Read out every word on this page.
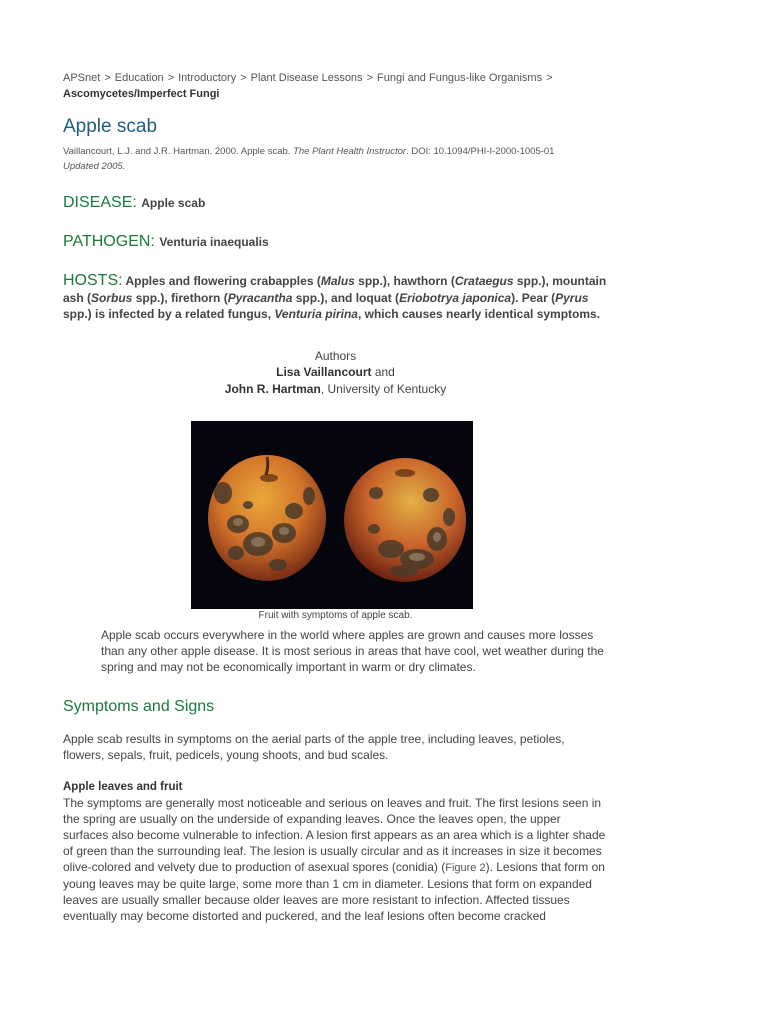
APSnet > Education > Introductory > Plant Disease Lessons > Fungi and Fungus-like Organisms >
Ascomycetes/Imperfect Fungi

Apple scab

Vaillancourt, L.J. and J.R. Hartman. 2000. Apple scab. The Plant Health Instructor. DOI: 10.1094/PHI-I-2000-1005-01

Updated 2005.

DISEASE: Apple scab

PATHOGEN: Venturia inaequalis

HOSTS: Apples and flowering crabapples (Malus spp.), hawthorn (Crataegus spp.), mountain ash (Sorbus spp.), firethorn (Pyracantha spp.), and loquat (Eriobotrya japonica). Pear (Pyrus spp.) is infected by a related fungus, Venturia pirina, which causes nearly identical symptoms.

Authors
Lisa Vaillancourt and
John R. Hartman, University of Kentucky
Fruit with symptoms of apple scab.

Apple scab occurs everywhere in the world where apples are grown and causes more losses than any other apple disease. It is most serious in areas that have cool, wet weather during the spring and may not be economically important in warm or dry climates.

Symptoms and Signs

Apple scab results in symptoms on the aerial parts of the apple tree, including leaves, petioles, flowers, sepals, fruit, pedicels, young shoots, and bud scales.

Apple leaves and fruit

The symptoms are generally most noticeable and serious on leaves and fruit. The first lesions seen in the spring are usually on the underside of expanding leaves. Once the leaves open, the upper surfaces also become vulnerable to infection. A lesion first appears as an area which is a lighter shade of green than the surrounding leaf. The lesion is usually circular and as it increases in size it becomes olive-colored and velvety due to production of asexual spores (conidia) (Figure 2). Lesions that form on young leaves may be quite large, some more than 1 cm in diameter. Lesions that form on expanded leaves are usually smaller because older leaves are more resistant to infection. Affected tissues eventually may become distorted and puckered, and the leaf lesions often become cracked
